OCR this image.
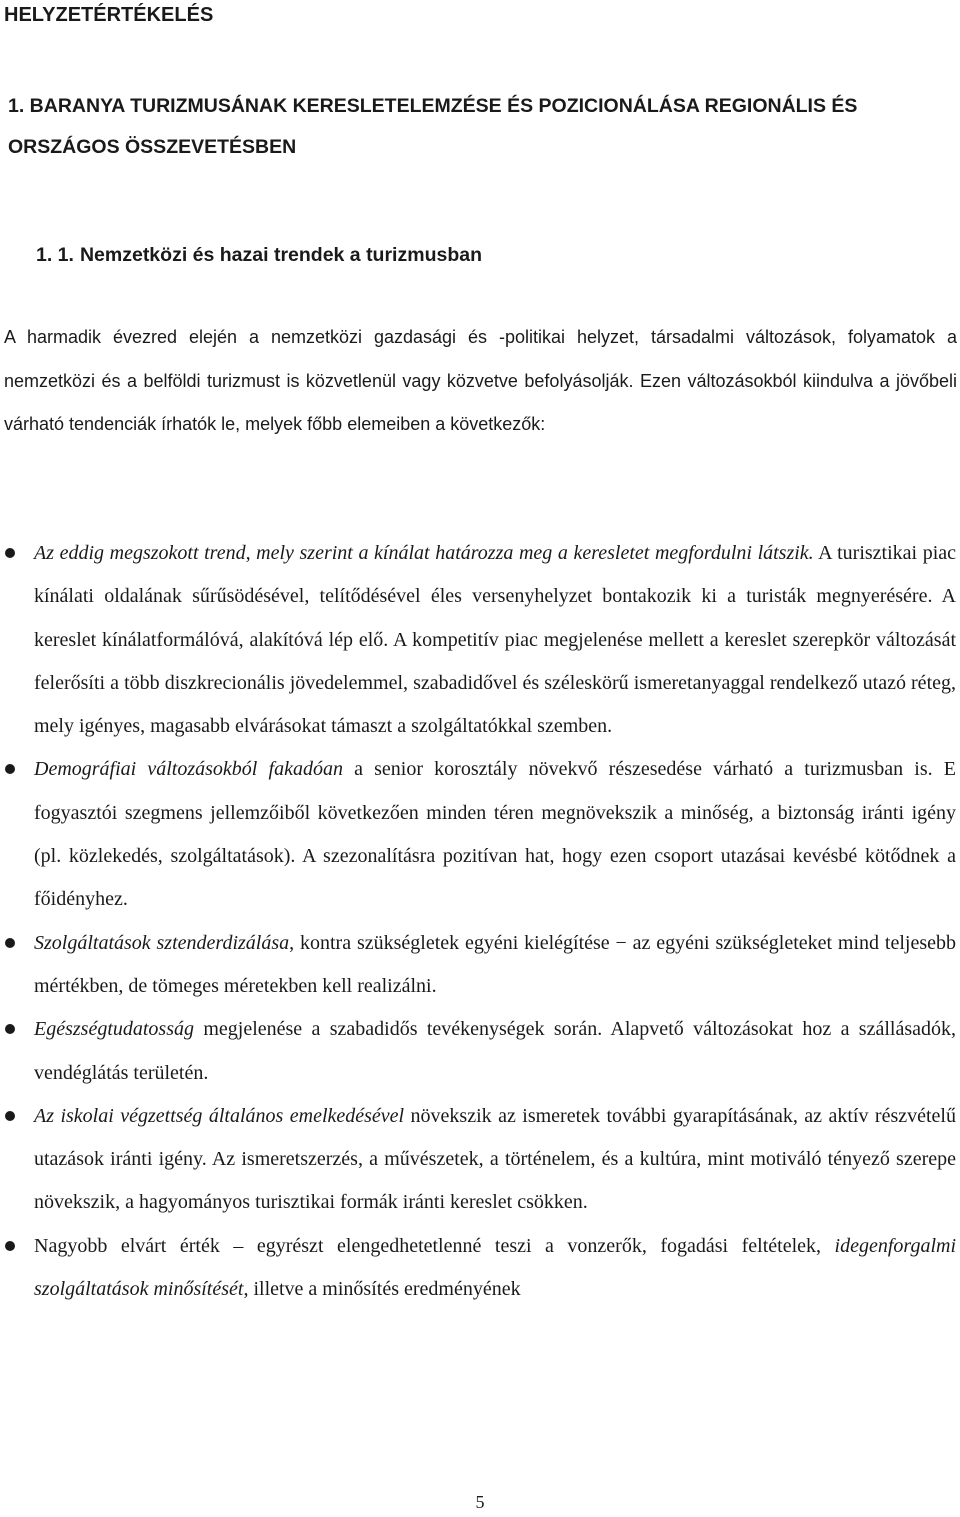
HELYZETÉRTÉKELÉS
1. BARANYA TURIZMUSÁNAK KERESLETELEMZÉSE ÉS POZICIONÁLÁSA REGIONÁLIS ÉS ORSZÁGOS ÖSSZEVETÉSBEN
1. 1. Nemzetközi és hazai trendek a turizmusban

A harmadik évezred elején a nemzetközi gazdasági és -politikai helyzet, társadalmi változások, folyamatok a nemzetközi és a belföldi turizmust is közvetlenül vagy közvetve befolyásolják. Ezen változásokból kiindulva a jövőbeli várható tendenciák írhatók le, melyek főbb elemeiben a következők:

Az eddig megszokott trend, mely szerint a kínálat határozza meg a keresletet megfordulni látszik. A turisztikai piac kínálati oldalának sűrűsödésével, telítődésével éles versenyhelyzet bontakozik ki a turisták megnyerésére. A kereslet kínálatformálóvá, alakítóvá lép elő. A kompetitív piac megjelenése mellett a kereslet szerepkör változását felerősíti a több diszkrecionális jövedelemmel, szabadidővel és széleskörű ismeretanyaggal rendelkező utazó réteg, mely igényes, magasabb elvárásokat támaszt a szolgáltatókkal szemben.
Demográfiai változásokból fakadóan a senior korosztály növekvő részesedése várható a turizmusban is. E fogyasztói szegmens jellemzőiből következően minden téren megnövekszik a minőség, a biztonság iránti igény (pl. közlekedés, szolgáltatások). A szezonalításra pozitívan hat, hogy ezen csoport utazásai kevésbé kötődnek a főidényhez.
Szolgáltatások sztenderdizálása, kontra szükségletek egyéni kielégítése − az egyéni szükségleteket mind teljesebb mértékben, de tömeges méretekben kell realizálni.
Egészségtudatosság megjelenése a szabadidős tevékenységek során. Alapvető változásokat hoz a szállásadók, vendéglátás területén.
Az iskolai végzettség általános emelkedésével növekszik az ismeretek további gyarapításának, az aktív részvételű utazások iránti igény. Az ismeretszerzés, a művészetek, a történelem, és a kultúra, mint motiváló tényező szerepe növekszik, a hagyományos turisztikai formák iránti kereslet csökken.
Nagyobb elvárt érték – egyrészt elengedhetetlenné teszi a vonzerők, fogadási feltételek, idegenforgalmi szolgáltatások minősítését, illetve a minősítés eredményének
5
